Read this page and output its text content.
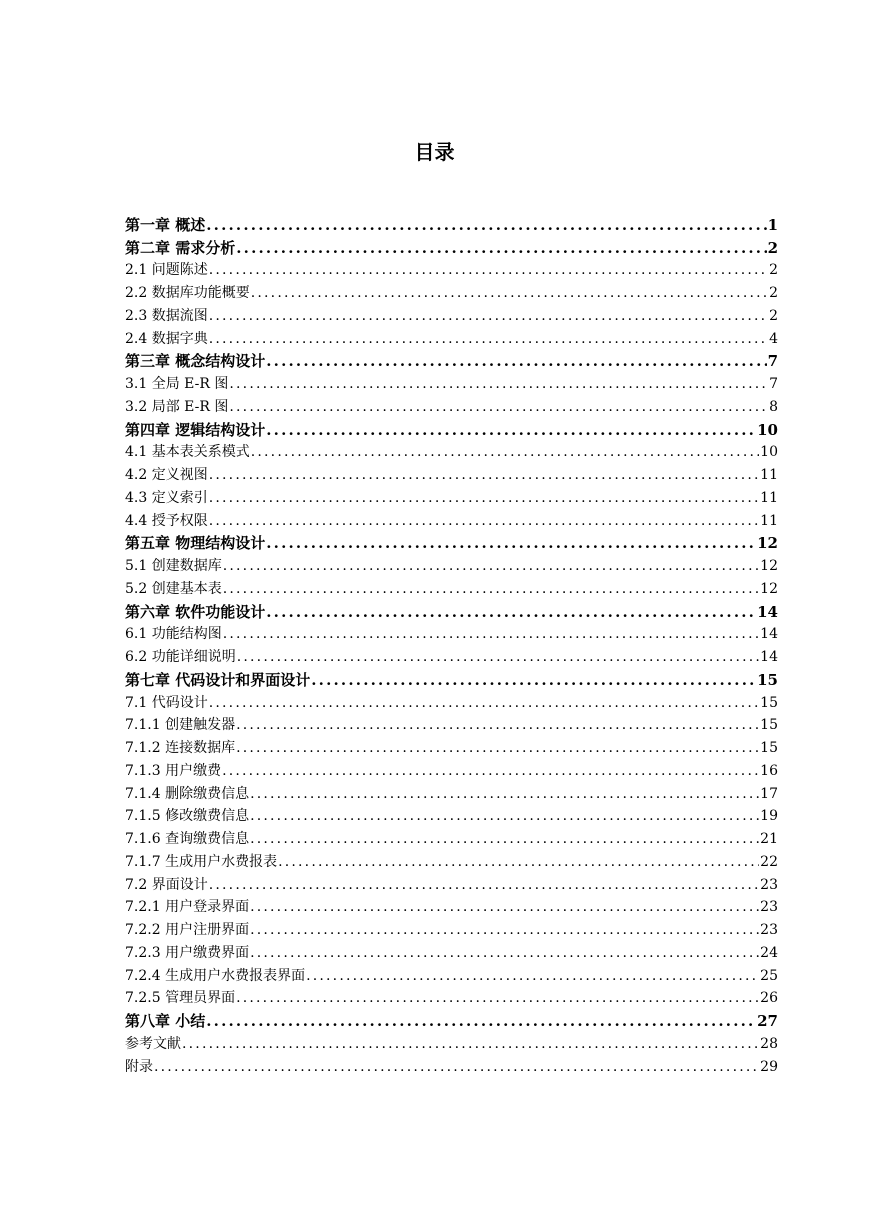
目录
第一章 概述 .....	1
第二章 需求分析 .....	2
2.1 问题陈述 .....	2
2.2 数据库功能概要 .....	2
2.3 数据流图 .....	2
2.4 数据字典 .....	4
第三章 概念结构设计 .....	7
3.1 全局 E-R 图 .....	7
3.2 局部 E-R 图 .....	8
第四章 逻辑结构设计 .....	10
4.1 基本表关系模式 .....	10
4.2 定义视图 .....	11
4.3 定义索引 .....	11
4.4 授予权限 .....	11
第五章 物理结构设计 .....	12
5.1 创建数据库 .....	12
5.2 创建基本表 .....	12
第六章 软件功能设计 .....	14
6.1 功能结构图 .....	14
6.2 功能详细说明 .....	14
第七章 代码设计和界面设计 .....	15
7.1 代码设计 .....	15
7.1.1 创建触发器 .....	15
7.1.2 连接数据库 .....	15
7.1.3 用户缴费 .....	16
7.1.4 删除缴费信息 .....	17
7.1.5 修改缴费信息 .....	19
7.1.6 查询缴费信息 .....	21
7.1.7 生成用户水费报表 .....	22
7.2 界面设计 .....	23
7.2.1 用户登录界面 .....	23
7.2.2 用户注册界面 .....	23
7.2.3 用户缴费界面 .....	24
7.2.4 生成用户水费报表界面 .....	25
7.2.5 管理员界面 .....	26
第八章 小结 .....	27
参考文献 .....	28
附录 .....	29
